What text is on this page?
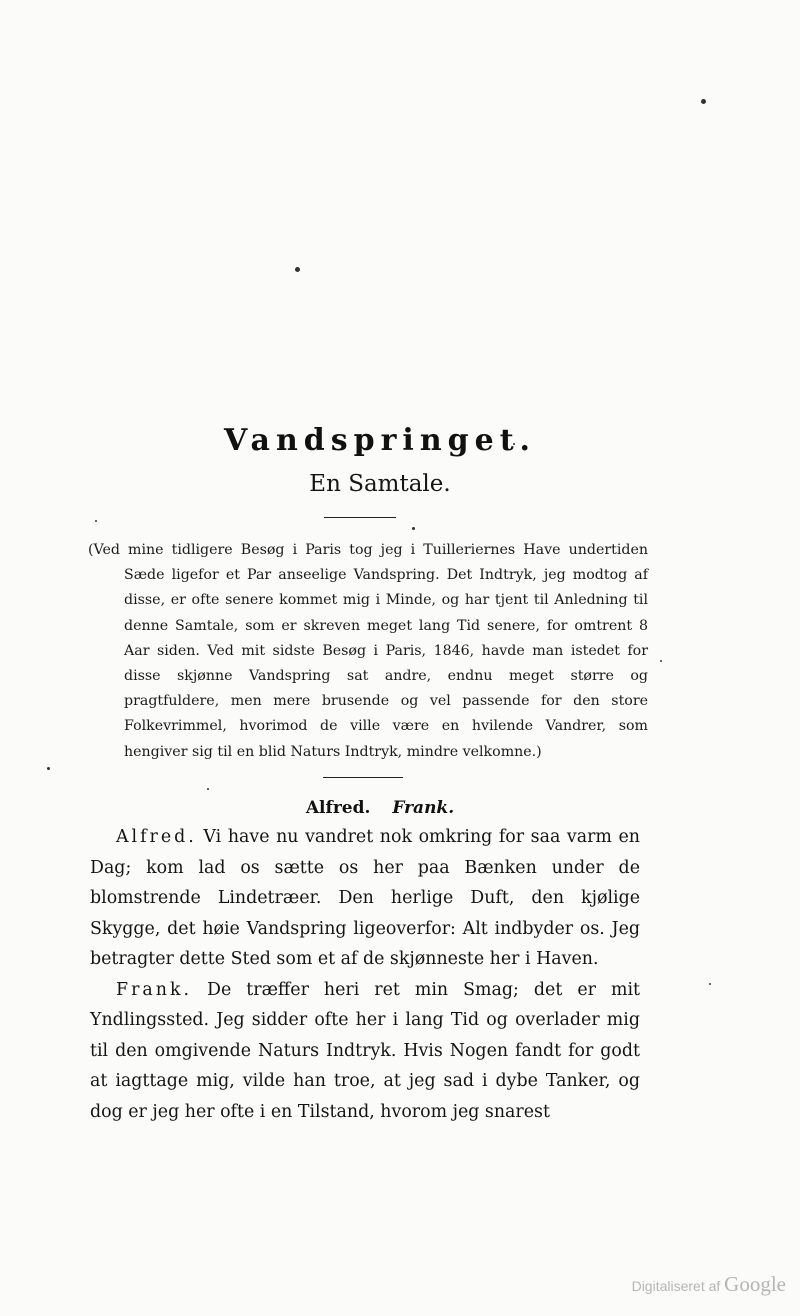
Vandspringet.
En Samtale.

(Ved mine tidligere Besøg i Paris tog jeg i Tuilleriernes Have undertiden Sæde ligefor et Par anseelige Vandspring. Det Indtryk, jeg modtog af disse, er ofte senere kommet mig i Minde, og har tjent til Anledning til denne Samtale, som er skreven meget lang Tid senere, for omtrent 8 Aar siden. Ved mit sidste Besøg i Paris, 1846, havde man istedet for disse skjønne Vandspring sat andre, endnu meget større og pragtfuldere, men mere brusende og vel passende for den store Folkevrimmel, hvorimod de ville være en hvilende Vandrer, som hengiver sig til en blid Naturs Indtryk, mindre velkomne.)

Alfred. Frank.

Alfred. Vi have nu vandret nok omkring for saa varm en Dag; kom lad os sætte os her paa Bænken under de blomstrende Lindetræer. Den herlige Duft, den kjølige Skygge, det høie Vandspring ligeoverfor: Alt indbyder os. Jeg betragter dette Sted som et af de skjønneste her i Haven.

Frank. De træffer heri ret min Smag; det er mit Yndlingssted. Jeg sidder ofte her i lang Tid og overlader mig til den omgivende Naturs Indtryk. Hvis Nogen fandt for godt at iagttage mig, vilde han troe, at jeg sad i dybe Tanker, og dog er jeg her ofte i en Tilstand, hvorom jeg snarest

Digitaliseret af Google
